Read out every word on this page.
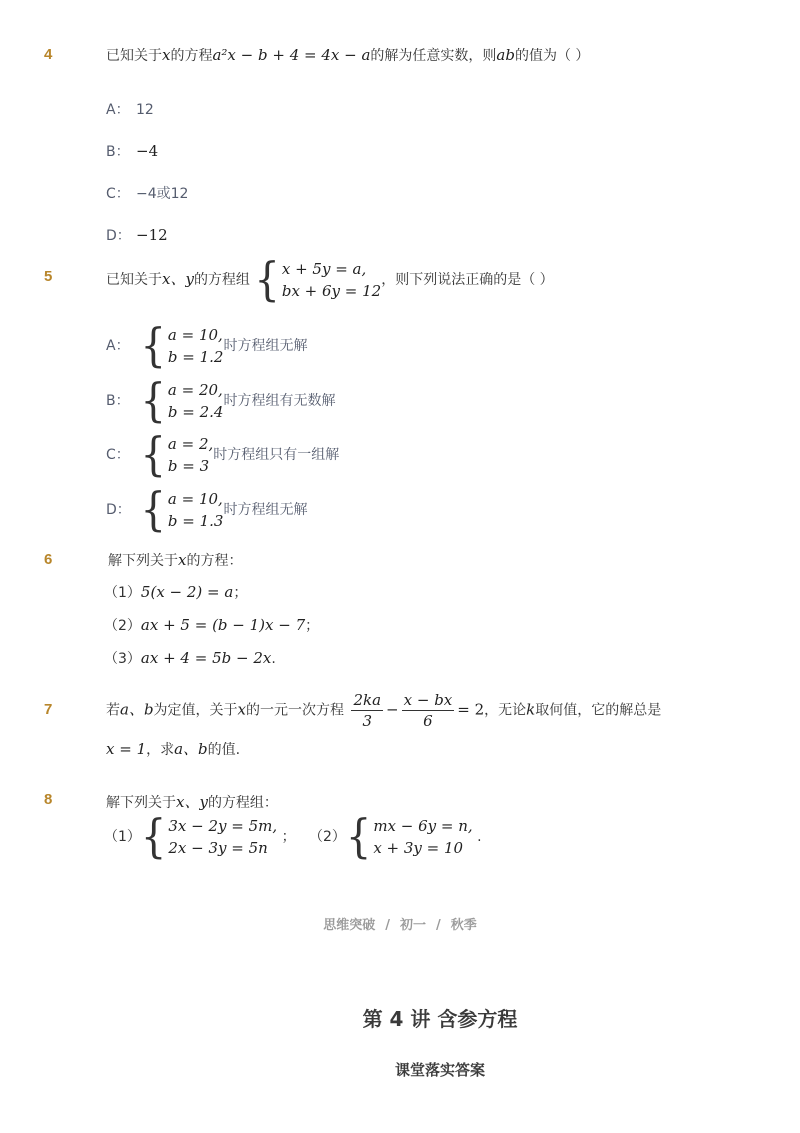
4	已知关于x的方程a²x − b + 4 = 4x − a的解为任意实数，则ab的值为（ ）
A： 12
B： −4
C： −4或12
D： −12
5	已知关于x、y的方程组 { x + 5y = a,
bx + 6y = 12
，则下列说法正确的是（ ）
A： { a = 10,
b = 1.2
时方程组无解
B： { a = 20,
b = 2.4
时方程组有无数解
C： { a = 2,
b = 3
时方程组只有一组解
D： { a = 10,
b = 1.3
时方程组无解
6	解下列关于x的方程：
（1）5(x − 2) = a；
（2）ax + 5 = (b − 1)x − 7；
（3）ax + 4 = 5b − 2x.
7	若a、b为定值，关于x的一元一次方程 $\frac{2ka}{3} - \frac{x - bx}{6} = 2$，无论k取何值，它的解总是
x = 1，求a、b的值.
8	解下列关于x、y的方程组：
（1） { 3x − 2y = 5m,
2x − 3y = 5n
； （2） { mx − 6y = n,
x + 3y = 10
.
思维突破 / 初一 / 秋季
第 4 讲 含参方程
课堂落实答案
